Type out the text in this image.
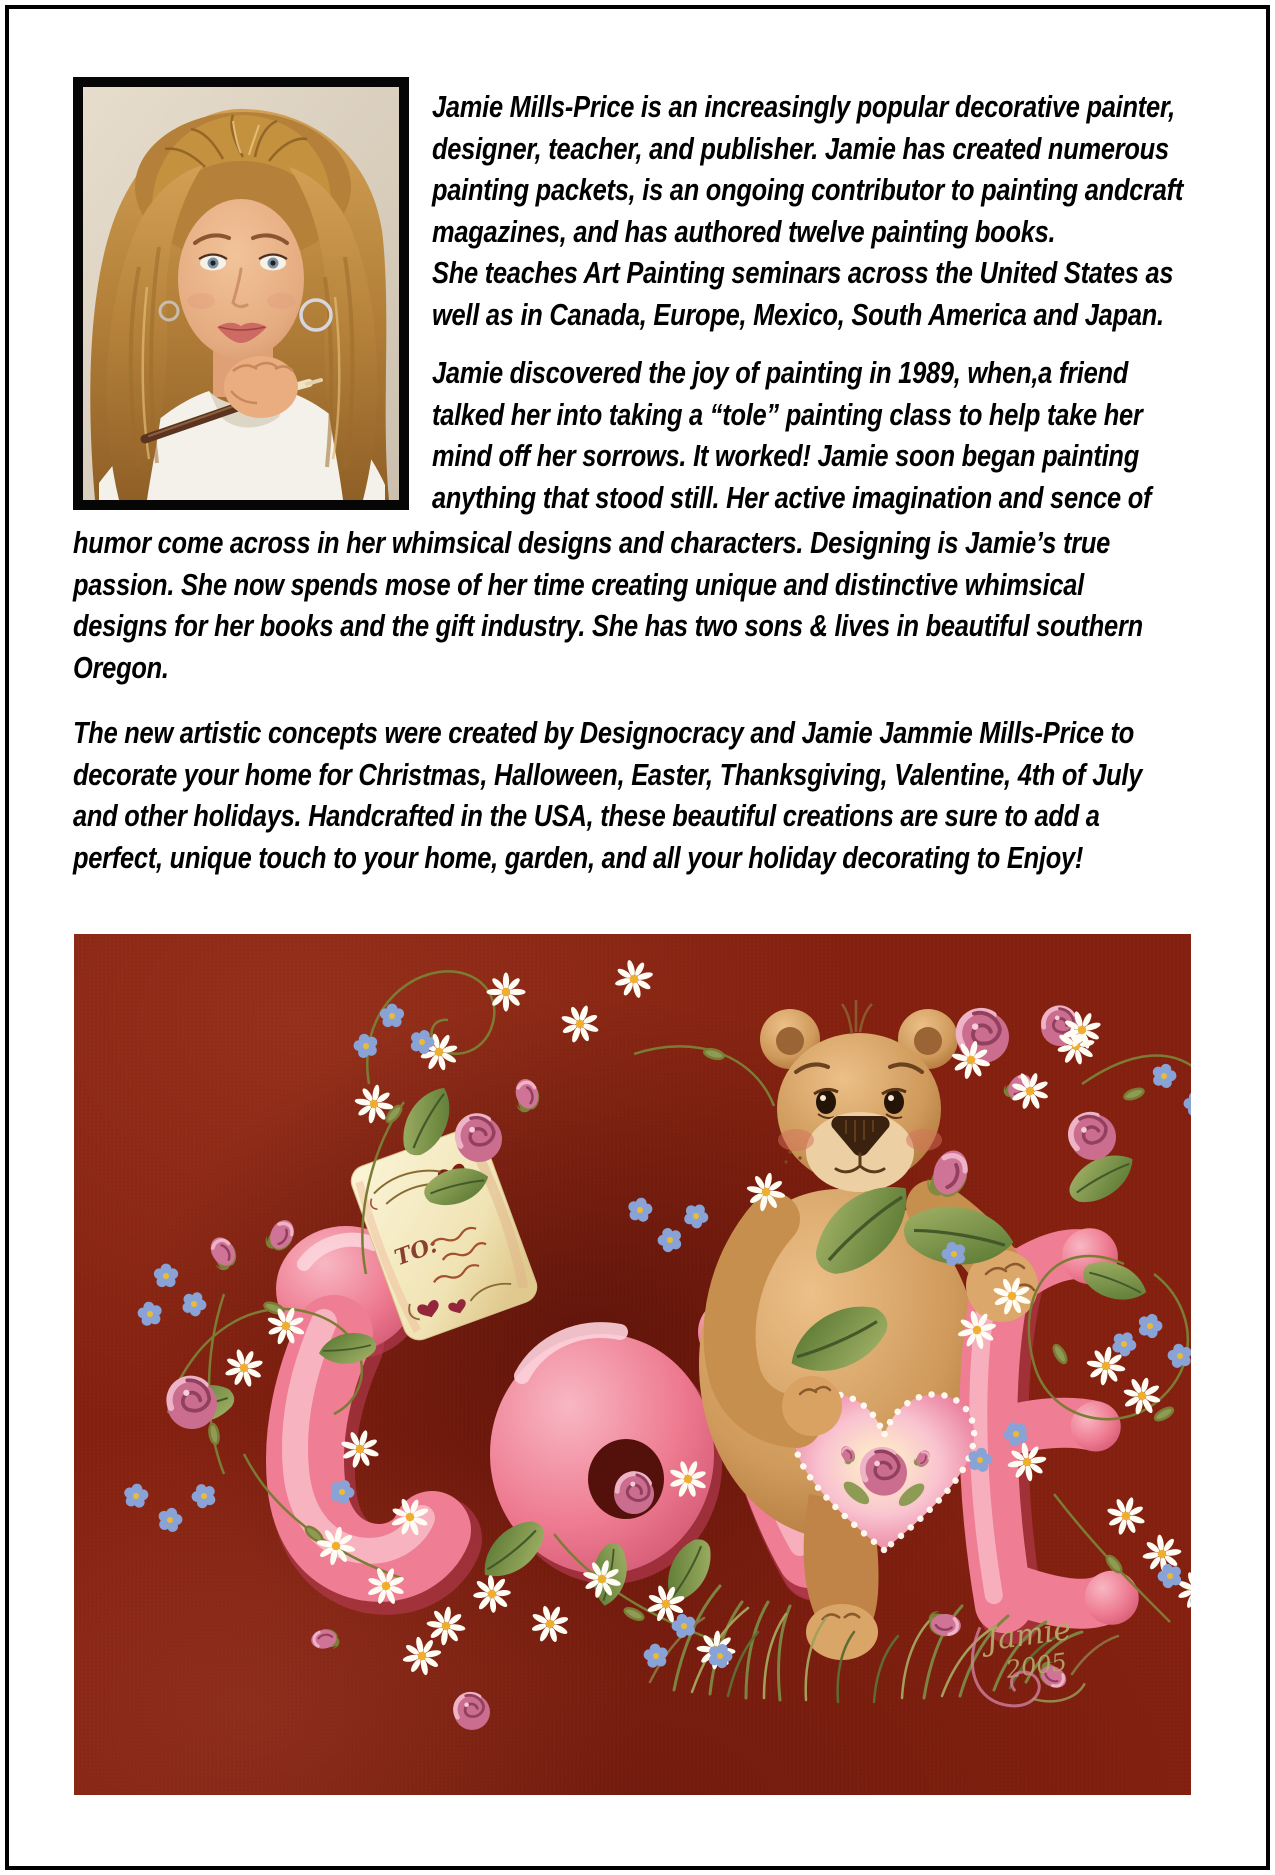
Jamie Mills-Price is an increasingly popular decorative painter,
designer, teacher, and publisher. Jamie has created numerous
painting packets, is an ongoing contributor to painting andcraft
magazines, and has authored twelve painting books.
She teaches Art Painting seminars across the United States as
well as in Canada, Europe, Mexico, South America and Japan.
Jamie discovered the joy of painting in 1989, when,a friend
talked her into taking a “tole” painting class to help take her
mind off her sorrows. It worked! Jamie soon began painting
anything that stood still. Her active imagination and sence of
humor come across in her whimsical designs and characters. Designing is Jamie’s true
passion. She now spends mose of her time creating unique and distinctive whimsical
designs for her books and the gift industry. She has two sons & lives in beautiful southern
Oregon.
The new artistic concepts were created by Designocracy and Jamie Jammie Mills-Price to
decorate your home for Christmas, Halloween, Easter, Thanksgiving, Valentine, 4th of July
and other holidays. Handcrafted in the USA, these beautiful creations are sure to add a
perfect, unique touch to your home, garden, and all your holiday decorating to Enjoy!
TO:
Jamie
2005
